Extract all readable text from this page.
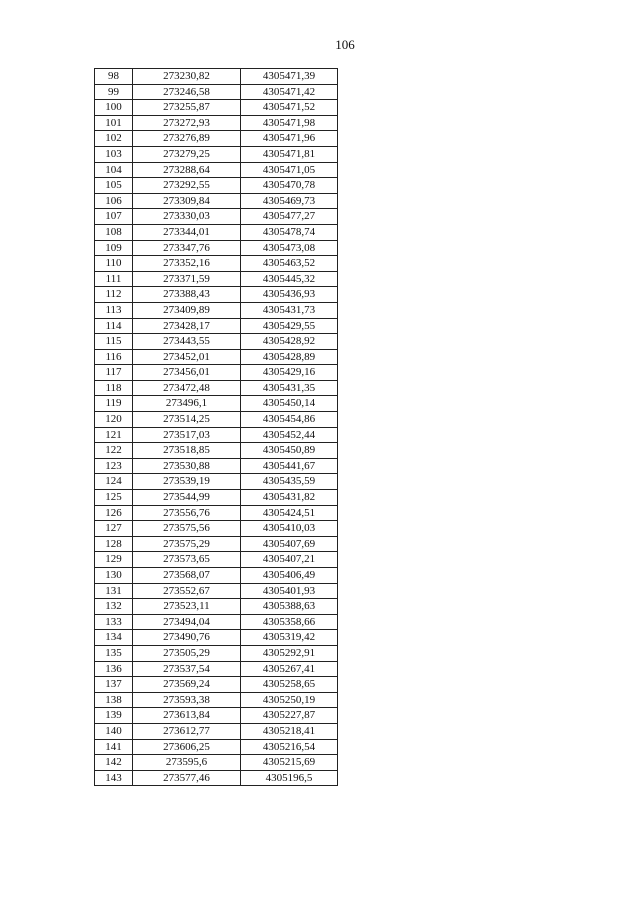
106
98	273230,82	4305471,39
99	273246,58	4305471,42
100	273255,87	4305471,52
101	273272,93	4305471,98
102	273276,89	4305471,96
103	273279,25	4305471,81
104	273288,64	4305471,05
105	273292,55	4305470,78
106	273309,84	4305469,73
107	273330,03	4305477,27
108	273344,01	4305478,74
109	273347,76	4305473,08
110	273352,16	4305463,52
111	273371,59	4305445,32
112	273388,43	4305436,93
113	273409,89	4305431,73
114	273428,17	4305429,55
115	273443,55	4305428,92
116	273452,01	4305428,89
117	273456,01	4305429,16
118	273472,48	4305431,35
119	273496,1	4305450,14
120	273514,25	4305454,86
121	273517,03	4305452,44
122	273518,85	4305450,89
123	273530,88	4305441,67
124	273539,19	4305435,59
125	273544,99	4305431,82
126	273556,76	4305424,51
127	273575,56	4305410,03
128	273575,29	4305407,69
129	273573,65	4305407,21
130	273568,07	4305406,49
131	273552,67	4305401,93
132	273523,11	4305388,63
133	273494,04	4305358,66
134	273490,76	4305319,42
135	273505,29	4305292,91
136	273537,54	4305267,41
137	273569,24	4305258,65
138	273593,38	4305250,19
139	273613,84	4305227,87
140	273612,77	4305218,41
141	273606,25	4305216,54
142	273595,6	4305215,69
143	273577,46	4305196,5
